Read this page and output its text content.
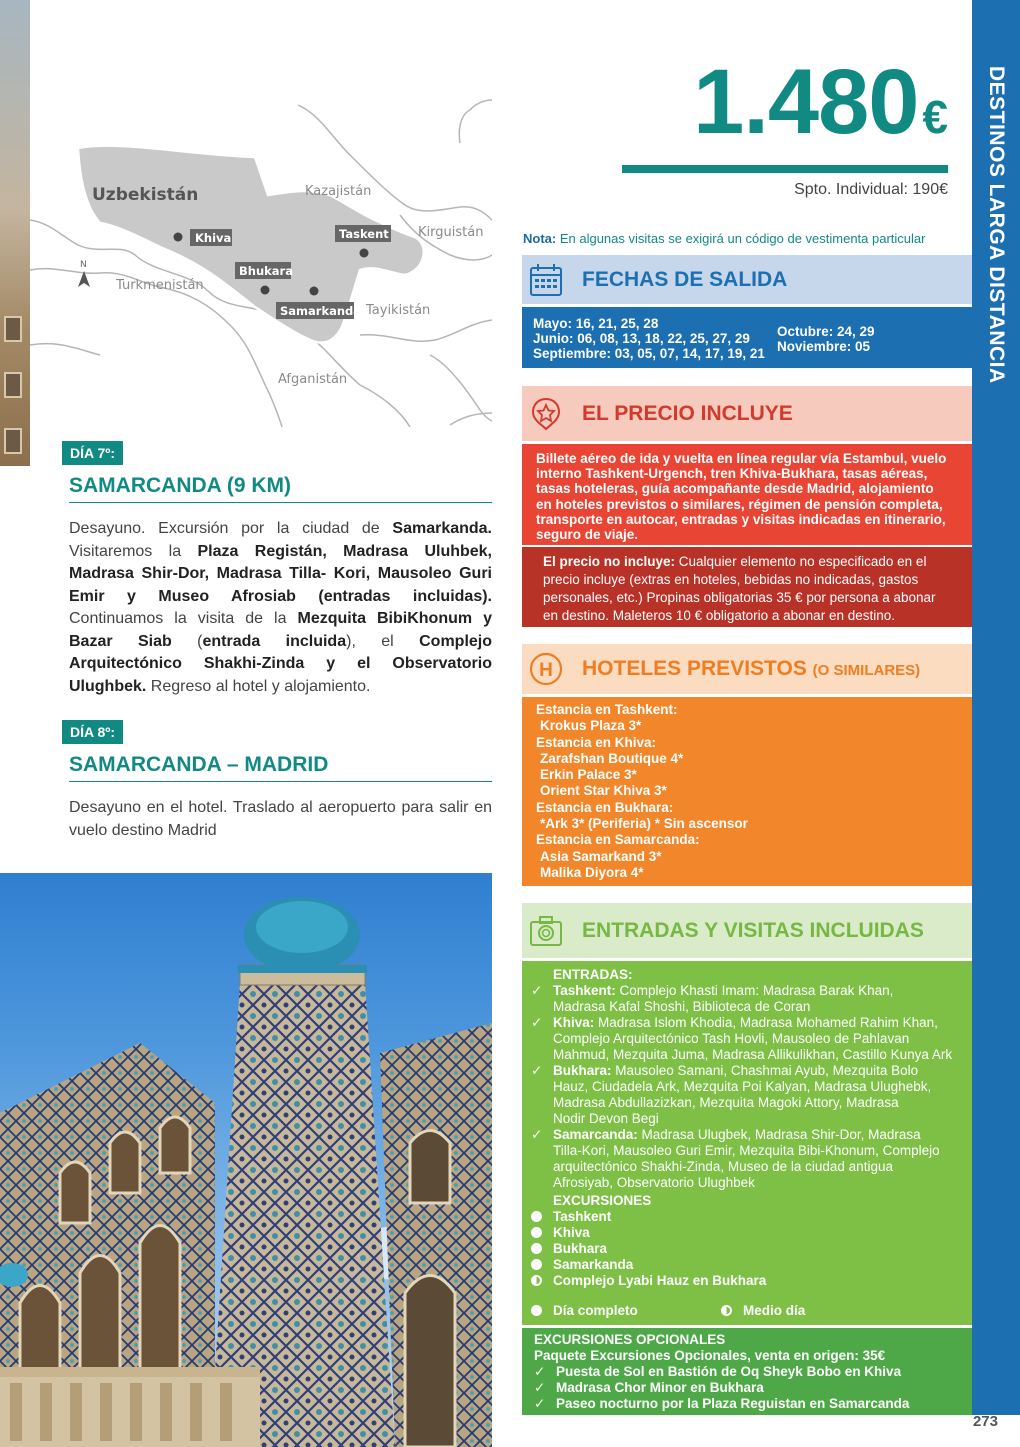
Uzbekistán	Kazajistán
Kirguistán
Turkmenistán
Tayikistán
Afganistán
N
Khiva	Taskent
Bhukara
Samarkanda
DÍA 7º:
SAMARCANDA (9 KM)
Desayuno. Excursión por la ciudad de Samarkanda. Visitaremos la Plaza Registán, Madrasa Uluhbek, Madrasa Shir-Dor, Madrasa Tilla- Kori, Mausoleo Guri Emir y Museo Afrosiab (entradas incluidas). Continuamos la visita de la Mezquita BibiKhonum y Bazar Siab (entrada incluida), el Complejo Arquitectónico Shakhi-Zinda y el Observatorio Ulughbek. Regreso al hotel y alojamiento.
DÍA 8º:
SAMARCANDA – MADRID
Desayuno en el hotel. Traslado al aeropuerto para salir en vuelo destino Madrid
DESTINOS LARGA DISTANCIA
273
1.480€
Spto. Individual: 190€
Nota: En algunas visitas se exigirá un código de vestimenta particular
FECHAS DE SALIDA
Mayo: 16, 21, 25, 28
Junio: 06, 08, 13, 18, 22, 25, 27, 29
Septiembre: 03, 05, 07, 14, 17, 19, 21
Octubre: 24, 29
Noviembre: 05
EL PRECIO INCLUYE
Billete aéreo de ida y vuelta en línea regular vía Estambul, vuelo
interno Tashkent-Urgench, tren Khiva-Bukhara, tasas aéreas,
tasas hoteleras, guía acompañante desde Madrid, alojamiento
en hoteles previstos o similares, régimen de pensión completa,
transporte en autocar, entradas y visitas indicadas en itinerario,
seguro de viaje.
El precio no incluye: Cualquier elemento no especificado en el
precio incluye (extras en hoteles, bebidas no indicadas, gastos
personales, etc.) Propinas obligatorias 35 € por persona a abonar
en destino. Maleteros 10 € obligatorio a abonar en destino.
H HOTELES PREVISTOS (O SIMILARES)
Estancia en Tashkent:
Krokus Plaza 3*
Estancia en Khiva:
Zarafshan Boutique 4*
Erkin Palace 3*
Orient Star Khiva 3*
Estancia en Bukhara:
*Ark 3* (Periferia) * Sin ascensor
Estancia en Samarcanda:
Asia Samarkand 3*
Malika Diyora 4*
ENTRADAS Y VISITAS INCLUIDAS
ENTRADAS:
✓ Tashkent: Complejo Khasti Imam: Madrasa Barak Khan,
Madrasa Kafal Shoshi, Biblioteca de Coran
✓ Khiva: Madrasa Islom Khodia, Madrasa Mohamed Rahim Khan,
Complejo Arquitectónico Tash Hovli, Mausoleo de Pahlavan
Mahmud, Mezquita Juma, Madrasa Allikulikhan, Castillo Kunya Ark
✓ Bukhara: Mausoleo Samani, Chashmai Ayub, Mezquita Bolo
Hauz, Ciudadela Ark, Mezquita Poi Kalyan, Madrasa Ulughebk,
Madrasa Abdullazizkan, Mezquita Magoki Attory, Madrasa
Nodir Devon Begi
✓ Samarcanda: Madrasa Ulugbek, Madrasa Shir-Dor, Madrasa
Tilla-Kori, Mausoleo Guri Emir, Mezquita Bibi-Khonum, Complejo
arquitectónico Shakhi-Zinda, Museo de la ciudad antigua
Afrosiyab, Observatorio Ulughbek
EXCURSIONES
Tashkent
Khiva
Bukhara
Samarkanda
Complejo Lyabi Hauz en Bukhara
Día completo	Medio día
EXCURSIONES OPCIONALES
Paquete Excursiones Opcionales, venta en origen: 35€
✓ Puesta de Sol en Bastión de Oq Sheyk Bobo en Khiva
✓ Madrasa Chor Minor en Bukhara
✓ Paseo nocturno por la Plaza Reguistan en Samarcanda
